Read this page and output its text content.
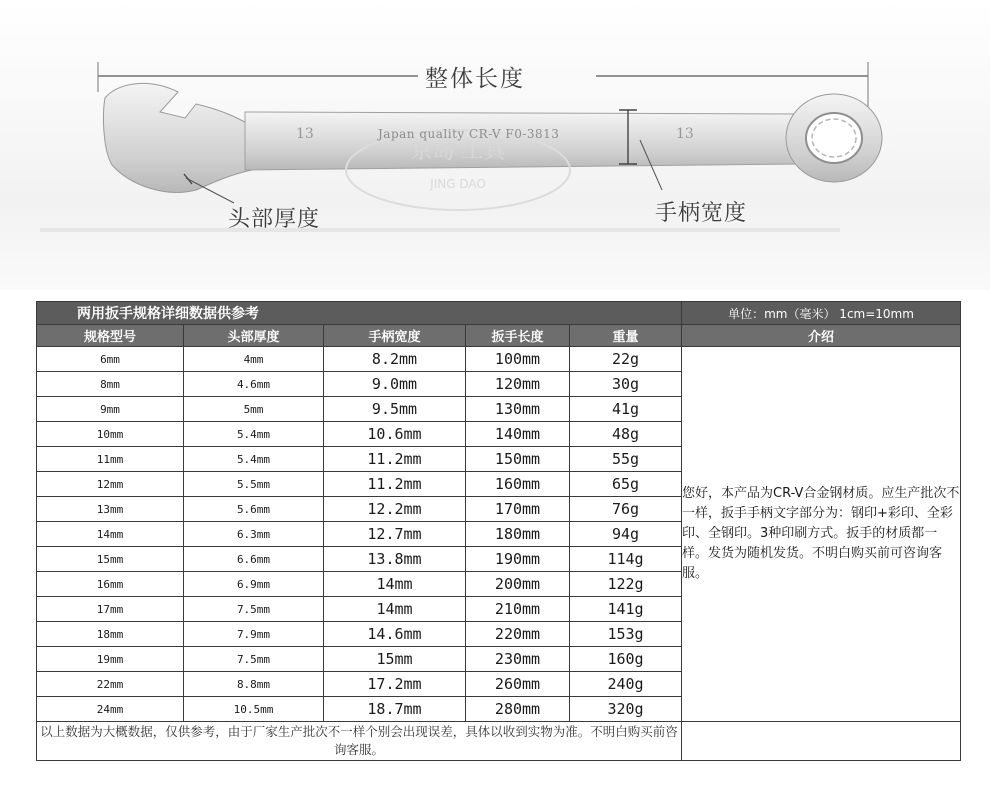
京岛 工具
JING DAO
整体长度
头部厚度	手柄宽度
13	13
Japan quality CR-V F0-3813
两用扳手规格详细数据供参考					单位：mm（毫米） 1cm=10mm
规格型号	头部厚度	手柄宽度	扳手长度	重量	介绍
6mm	4mm	8.2mm	100mm	22g	您好，本产品为CR-V合金钢材质。应生产批次不一样，扳手手柄文字部分为：钢印+彩印、全彩印、全钢印。3种印刷方式。扳手的材质都一样。发货为随机发货。不明白购买前可咨询客服。
8mm	4.6mm	9.0mm	120mm	30g	
9mm	5mm	9.5mm	130mm	41g	
10mm	5.4mm	10.6mm	140mm	48g	
11mm	5.4mm	11.2mm	150mm	55g	
12mm	5.5mm	11.2mm	160mm	65g	
13mm	5.6mm	12.2mm	170mm	76g	
14mm	6.3mm	12.7mm	180mm	94g	
15mm	6.6mm	13.8mm	190mm	114g	
16mm	6.9mm	14mm	200mm	122g	
17mm	7.5mm	14mm	210mm	141g	
18mm	7.9mm	14.6mm	220mm	153g	
19mm	7.5mm	15mm	230mm	160g	
22mm	8.8mm	17.2mm	260mm	240g	
24mm	10.5mm	18.7mm	280mm	320g	
以上数据为大概数据，仅供参考，由于厂家生产批次不一样个别会出现误差，具体以收到实物为准。不明白购买前咨询客服。					
